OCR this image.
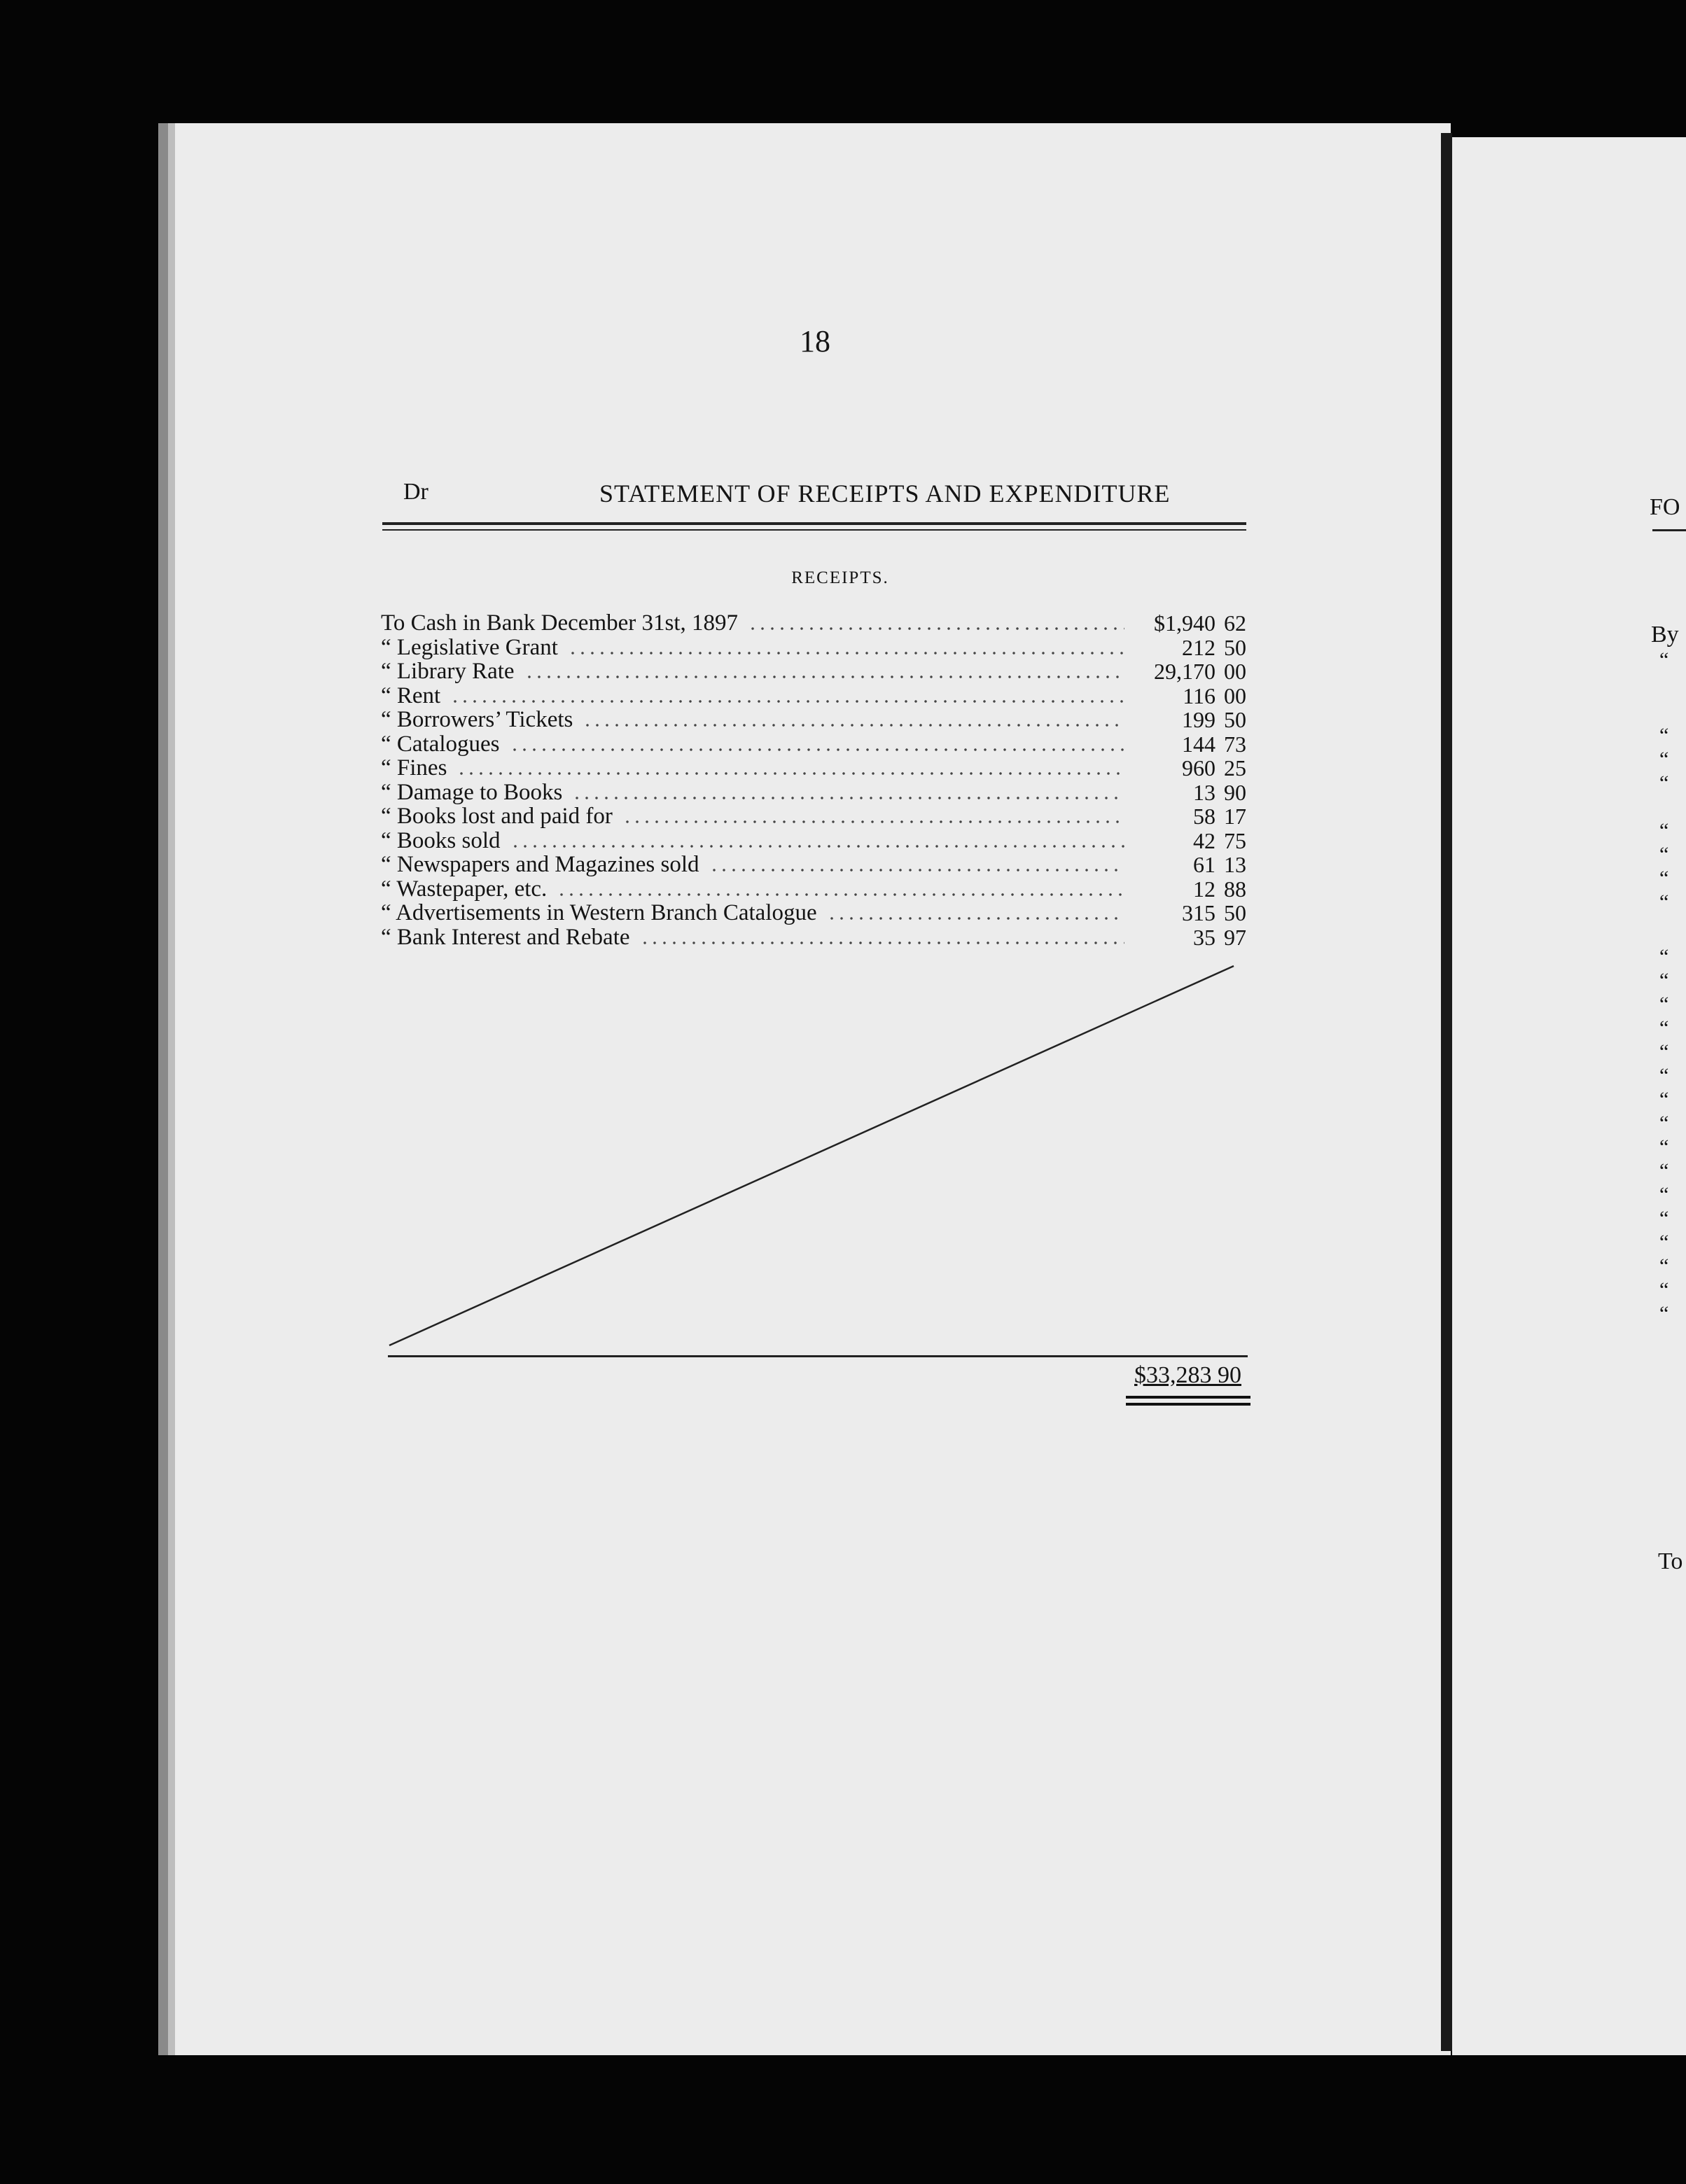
18
Dr	STATEMENT OF RECEIPTS AND EXPENDITURE
RECEIPTS.
To Cash in Bank December 31st, 1897	$1,940 62
“ Legislative Grant	212 50
“ Library Rate	29,170 00
“ Rent	116 00
“ Borrowers’ Tickets	199 50
“ Catalogues	144 73
“ Fines	960 25
“ Damage to Books	13 90
“ Books lost and paid for	58 17
“ Books sold	42 75
“ Newspapers and Magazines sold	61 13
“ Wastepaper, etc.	12 88
“ Advertisements in Western Branch Catalogue	315 50
“ Bank Interest and Rebate	35 97
$33,283 90
FO
By
To
“
“
“
“
“
“
“
“
“
“
“
“
“
“
“
“
“
“
“
“
“
“
“
“
